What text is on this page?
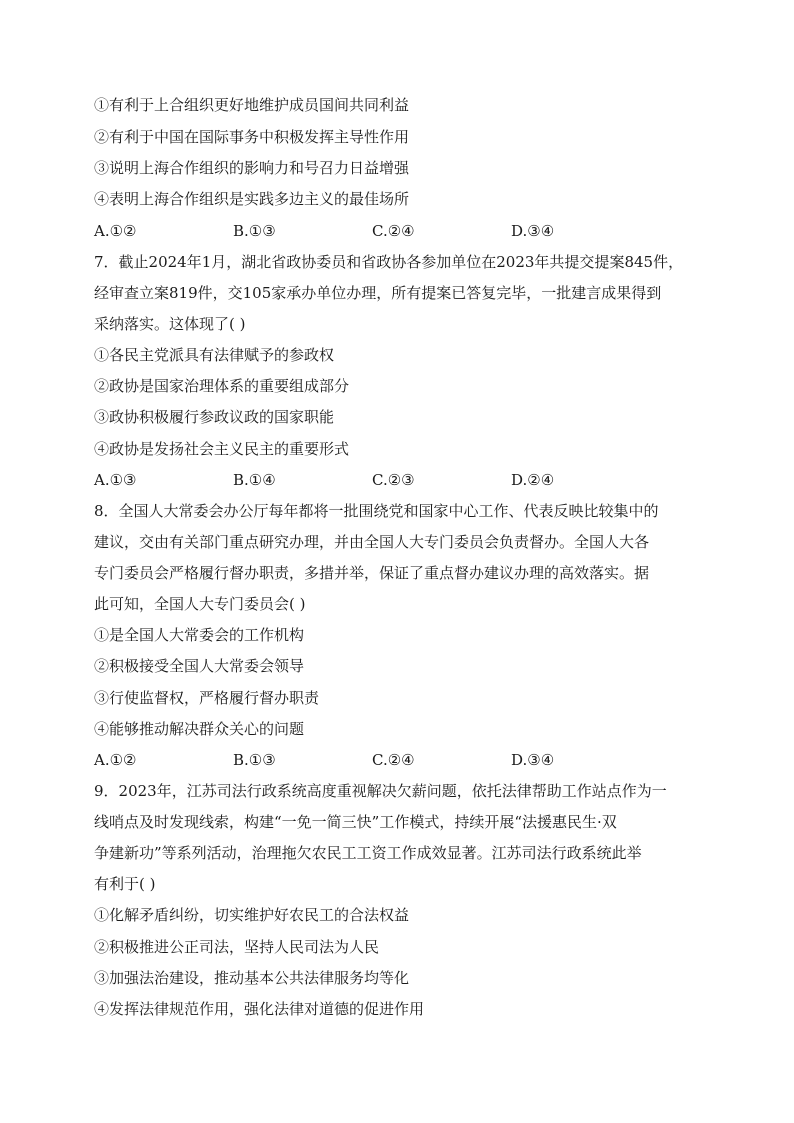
①有利于上合组织更好地维护成员国间共同利益
②有利于中国在国际事务中积极发挥主导性作用
③说明上海合作组织的影响力和号召力日益增强
④表明上海合作组织是实践多边主义的最佳场所
A.①②	B.①③	C.②④	D.③④
7．截止2024年1月，湖北省政协委员和省政协各参加单位在2023年共提交提案845件，
经审查立案819件，交105家承办单位办理，所有提案已答复完毕，一批建言成果得到
采纳落实。这体现了( )
①各民主党派具有法律赋予的参政权
②政协是国家治理体系的重要组成部分
③政协积极履行参政议政的国家职能
④政协是发扬社会主义民主的重要形式
A.①③	B.①④	C.②③	D.②④
8．全国人大常委会办公厅每年都将一批围绕党和国家中心工作、代表反映比较集中的
建议，交由有关部门重点研究办理，并由全国人大专门委员会负责督办。全国人大各
专门委员会严格履行督办职责，多措并举，保证了重点督办建议办理的高效落实。据
此可知，全国人大专门委员会( )
①是全国人大常委会的工作机构
②积极接受全国人大常委会领导
③行使监督权，严格履行督办职责
④能够推动解决群众关心的问题
A.①②	B.①③	C.②④	D.③④
9．2023年，江苏司法行政系统高度重视解决欠薪问题，依托法律帮助工作站点作为一
线哨点及时发现线索，构建“一免一简三快”工作模式，持续开展“法援惠民生·双
争建新功”等系列活动，治理拖欠农民工工资工作成效显著。江苏司法行政系统此举
有利于( )
①化解矛盾纠纷，切实维护好农民工的合法权益
②积极推进公正司法，坚持人民司法为人民
③加强法治建设，推动基本公共法律服务均等化
④发挥法律规范作用，强化法律对道德的促进作用
